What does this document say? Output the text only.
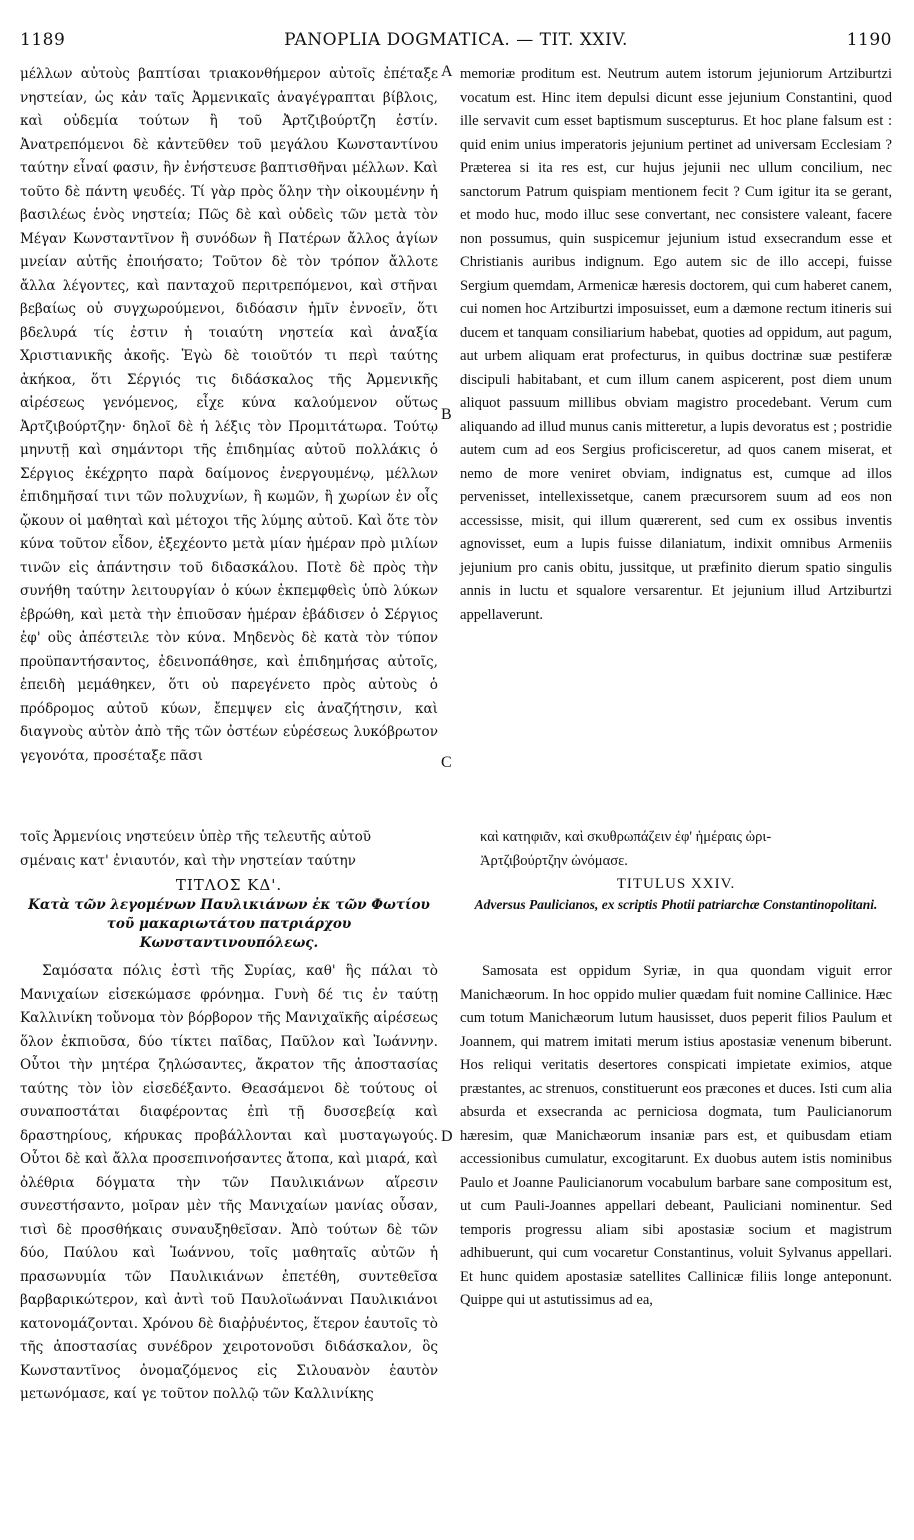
1189	PANOPLIA DOGMATICA. — TIT. XXIV.	1190
A
B
C
D

μέλλων αὐτοὺς βαπτίσαι τριακονθήμερον αὐτοῖς ἐπέταξε νηστείαν, ὡς κἀν ταῖς Ἀρμενικαῖς ἀναγέγραπται βίβλοις, καὶ οὐδεμία τούτων ἢ τοῦ Ἀρτζιβούρτζη ἐστίν. Ἀνατρεπόμενοι δὲ κἀντεῦθεν τοῦ μεγάλου Κωνσταντίνου ταύτην εἶναί φασιν, ἣν ἐνήστευσε βαπτισθῆναι μέλλων. Καὶ τοῦτο δὲ πάντη ψευδές. Τί γὰρ πρὸς ὅλην τὴν οἰκουμένην ἡ βασιλέως ἑνὸς νηστεία; Πῶς δὲ καὶ οὐδεὶς τῶν μετὰ τὸν Μέγαν Κωνσταντῖνον ἢ συνόδων ἢ Πατέρων ἄλλος ἁγίων μνείαν αὐτῆς ἐποιήσατο; Τοῦτον δὲ τὸν τρόπον ἄλλοτε ἄλλα λέγοντες, καὶ πανταχοῦ περιτρεπόμενοι, καὶ στῆναι βεβαίως οὐ συγχωρούμενοι, διδόασιν ἡμῖν ἐννοεῖν, ὅτι βδελυρά τίς ἐστιν ἡ τοιαύτη νηστεία καὶ ἀναξία Χριστιανικῆς ἀκοῆς. Ἐγὼ δὲ τοιοῦτόν τι περὶ ταύτης ἀκήκοα, ὅτι Σέργιός τις διδάσκαλος τῆς Ἀρμενικῆς αἱρέσεως γενόμενος, εἶχε κύνα καλούμενον οὕτως Ἀρτζιβούρτζην· δηλοῖ δὲ ἡ λέξις τὸν Προμιτάτωρα. Τούτῳ μηνυτῇ καὶ σημάντορι τῆς ἐπιδημίας αὐτοῦ πολλάκις ὁ Σέργιος ἐκέχρητο παρὰ δαίμονος ἐνεργουμένῳ, μέλλων ἐπιδημῆσαί τινι τῶν πολυχνίων, ἢ κωμῶν, ἢ χωρίων ἐν οἷς ᾤκουν οἱ μαθηταὶ καὶ μέτοχοι τῆς λύμης αὐτοῦ. Καὶ ὅτε τὸν κύνα τοῦτον εἶδον, ἐξεχέοντο μετὰ μίαν ἡμέραν πρὸ μιλίων τινῶν εἰς ἀπάντησιν τοῦ διδασκάλου. Ποτὲ δὲ πρὸς τὴν συνήθη ταύτην λειτουργίαν ὁ κύων ἐκπεμφθεὶς ὑπὸ λύκων ἐβρώθη, καὶ μετὰ τὴν ἐπιοῦσαν ἡμέραν ἐβάδισεν ὁ Σέργιος ἐφ' οὓς ἀπέστειλε τὸν κύνα. Μηδενὸς δὲ κατὰ τὸν τύπον προϋπαντήσαντος, ἐδεινοπάθησε, καὶ ἐπιδημήσας αὐτοῖς, ἐπειδὴ μεμάθηκεν, ὅτι οὐ παρεγένετο πρὸς αὐτοὺς ὁ πρόδρομος αὐτοῦ κύων, ἔπεμψεν εἰς ἀναζήτησιν, καὶ διαγνοὺς αὐτὸν ἀπὸ τῆς τῶν ὀστέων εὑρέσεως λυκόβρωτον γεγονότα, προσέταξε πᾶσι

memoriæ proditum est. Neutrum autem istorum jejuniorum Artziburtzi vocatum est. Hinc item depulsi dicunt esse jejunium Constantini, quod ille servavit cum esset baptismum suscepturus. Et hoc plane falsum est : quid enim unius imperatoris jejunium pertinet ad universam Ecclesiam ? Præterea si ita res est, cur hujus jejunii nec ullum concilium, nec sanctorum Patrum quispiam mentionem fecit ? Cum igitur ita se gerant, et modo huc, modo illuc sese convertant, nec consistere valeant, facere non possumus, quin suspicemur jejunium istud exsecrandum esse et Christianis auribus indignum. Ego autem sic de illo accepi, fuisse Sergium quemdam, Armenicæ hæresis doctorem, qui cum haberet canem, cui nomen hoc Artziburtzi imposuisset, eum a dæmone rectum itineris sui ducem et tanquam consiliarium habebat, quoties ad oppidum, aut pagum, aut urbem aliquam erat profecturus, in quibus doctrinæ suæ pestiferæ discipuli habitabant, et cum illum canem aspicerent, post diem unum aliquot passuum millibus obviam magistro procedebant. Verum cum aliquando ad illud munus canis mitteretur, a lupis devoratus est ; postridie autem cum ad eos Sergius proficisceretur, ad quos canem miserat, et nemo de more veniret obviam, indignatus est, cumque ad illos pervenisset, intellexissetque, canem præcursorem suum ad eos non accessisse, misit, qui illum quærerent, sed cum ex ossibus inventis agnovisset, eum a lupis fuisse dilaniatum, indixit omnibus Armeniis jejunium pro canis obitu, jussitque, ut præfinito dierum spatio singulis annis in luctu et squalore versarentur. Et jejunium illud Artziburtzi appellaverunt.

τοῖς Ἀρμενίοις νηστεύειν ὑπὲρ τῆς τελευτῆς αὐτοῦ	καὶ κατηφιᾶν, καὶ σκυθρωπάζειν ἐφ' ἡμέραις ὡρι-
σμέναις κατ' ἐνιαυτόν, καὶ τὴν νηστείαν ταύτην	Ἀρτζιβούρτζην ὠνόμασε.

ΤΙΤΛΟΣ ΚΔ'.

Κατὰ τῶν λεγομένων Παυλικιάνων ἐκ τῶν Φωτίου τοῦ μακαριωτάτου πατριάρχου Κωνσταντινουπόλεως.

TITULUS XXIV.

Adversus Paulicianos, ex scriptis Photii patriarchæ Constantinopolitani.

Σαμόσατα πόλις ἐστὶ τῆς Συρίας, καθ' ἣς πάλαι τὸ Μανιχαίων εἰσεκώμασε φρόνημα. Γυνὴ δέ τις ἐν ταύτῃ Καλλινίκη τοὔνομα τὸν βόρβορον τῆς Μανιχαϊκῆς αἱρέσεως ὅλον ἐκπιοῦσα, δύο τίκτει παῖδας, Παῦλον καὶ Ἰωάννην. Οὗτοι τὴν μητέρα ζηλώσαντες, ἄκρατον τῆς ἀποστασίας ταύτης τὸν ἰὸν εἰσεδέξαντο. Θεασάμενοι δὲ τούτους οἱ συναποστάται διαφέροντας ἐπὶ τῇ δυσσεβείᾳ καὶ δραστηρίους, κήρυκας προβάλλονται καὶ μυσταγωγούς. Οὗτοι δὲ καὶ ἄλλα προσεπινοήσαντες ἄτοπα, καὶ μιαρά, καὶ ὀλέθρια δόγματα τὴν τῶν Παυλικιάνων αἵρεσιν συνεστήσαντο, μοῖραν μὲν τῆς Μανιχαίων μανίας οὖσαν, τισὶ δὲ προσθήκαις συναυξηθεῖσαν. Ἀπὸ τούτων δὲ τῶν δύο, Παύλου καὶ Ἰωάννου, τοῖς μαθηταῖς αὐτῶν ἡ πρασωνυμία τῶν Παυλικιάνων ἐπετέθη, συντεθεῖσα βαρβαρικώτερον, καὶ ἀντὶ τοῦ Παυλοϊωάνναι Παυλικιάνοι κατονομάζονται. Χρόνου δὲ διαῤῥυέντος, ἕτερον ἑαυτοῖς τὸ τῆς ἀποστασίας συνέδρον χειροτονοῦσι διδάσκαλον, ὃς Κωνσταντῖνος ὀνομαζόμενος εἰς Σιλουανὸν ἑαυτὸν μετωνόμασε, καί γε τοῦτον πολλῷ τῶν Καλλινίκης

Samosata est oppidum Syriæ, in qua quondam viguit error Manichæorum. In hoc oppido mulier quædam fuit nomine Callinice. Hæc cum totum Manichæorum lutum hausisset, duos peperit filios Paulum et Joannem, qui matrem imitati merum istius apostasiæ venenum biberunt. Hos reliqui veritatis desertores conspicati impietate eximios, atque præstantes, ac strenuos, constituerunt eos præcones et duces. Isti cum alia absurda et exsecranda ac perniciosa dogmata, tum Paulicianorum hæresim, quæ Manichæorum insaniæ pars est, et quibusdam etiam accessionibus cumulatur, excogitarunt. Ex duobus autem istis nominibus Paulo et Joanne Paulicianorum vocabulum barbare sane compositum est, ut cum Pauli-Joannes appellari debeant, Pauliciani nominentur. Sed temporis progressu aliam sibi apostasiæ socium et magistrum adhibuerunt, qui cum vocaretur Constantinus, voluit Sylvanus appellari. Et hunc quidem apostasiæ satellites Callinicæ filiis longe anteponunt. Quippe qui ut astutissimus ad ea,
